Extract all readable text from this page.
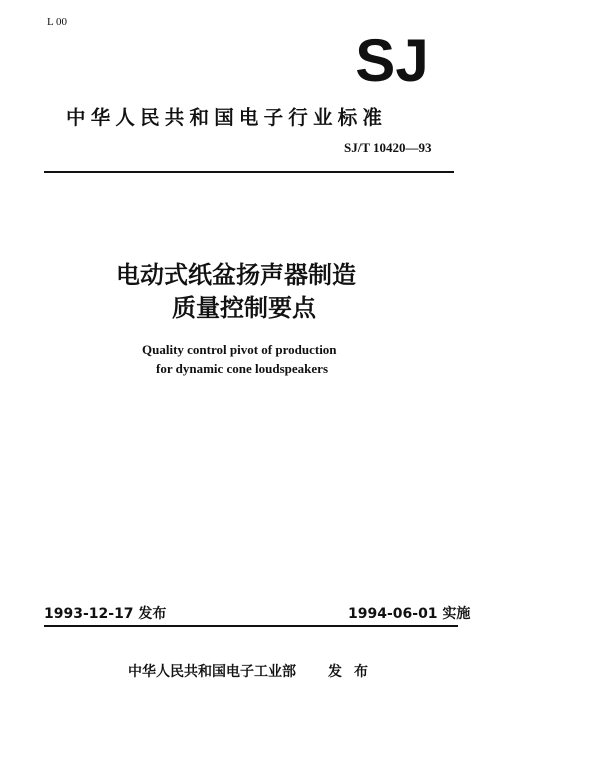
L 00
SJ
中华人民共和国电子行业标准
SJ/T 10420—93
电动式纸盆扬声器制造
质量控制要点
Quality control pivot of production
for dynamic cone loudspeakers
1993-12-17 发布	1994-06-01 实施
中华人民共和国电子工业部 发布
